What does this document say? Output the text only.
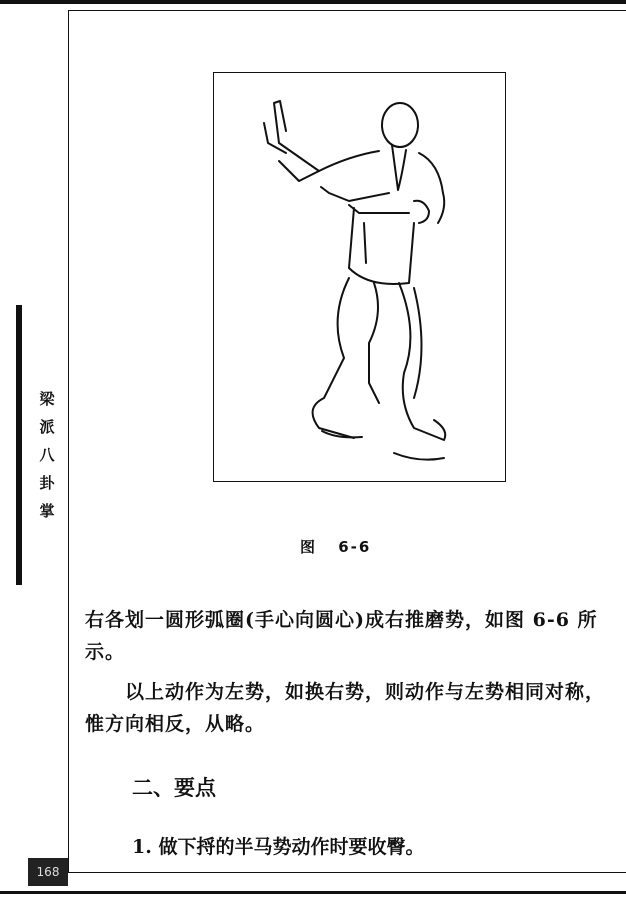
梁
派
八
卦
掌
图 6-6
右各划一圆形弧圈(手心向圆心)成右推磨势，如图 6-6 所示。
以上动作为左势，如换右势，则动作与左势相同对称，惟方向相反，从略。
二、要点
1. 做下捋的半马势动作时要收臀。
168
